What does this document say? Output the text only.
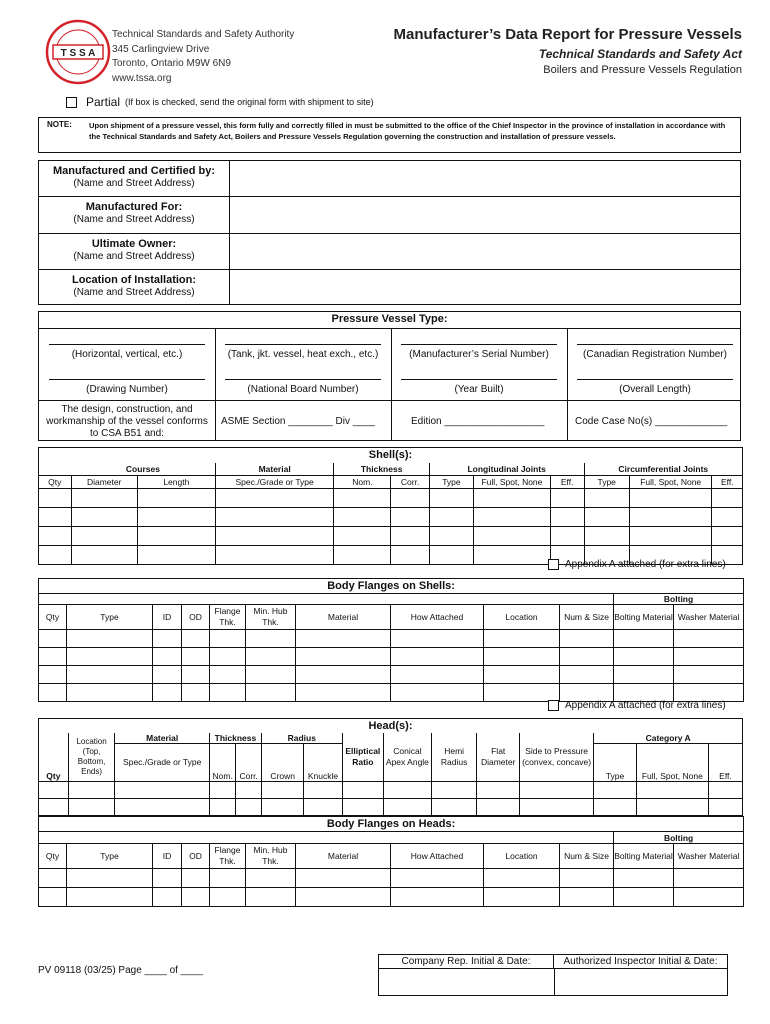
T S S A
Technical Standards and Safety Authority
345 Carlingview Drive
Toronto, Ontario M9W 6N9
www.tssa.org
Manufacturer’s Data Report for Pressure Vessels
Technical Standards and Safety Act
Boilers and Pressure Vessels Regulation
Partial (If box is checked, send the original form with shipment to site)
NOTE: Upon shipment of a pressure vessel, this form fully and correctly filled in must be submitted to the office of the Chief Inspector in the province of installation in accordance with the Technical Standards and Safety Act, Boilers and Pressure Vessels Regulation governing the construction and installation of pressure vessels.
Manufactured and Certified by:
(Name and Street Address)
Manufactured For:
(Name and Street Address)
Ultimate Owner:
(Name and Street Address)
Location of Installation:
(Name and Street Address)
Pressure Vessel Type:
(Horizontal, vertical, etc.)	(Tank, jkt. vessel, heat exch., etc.)	(Manufacturer’s Serial Number)	(Canadian Registration Number)
(Drawing Number)	(National Board Number)	(Year Built)	(Overall Length)
The design, construction, and workmanship of the vessel conforms to CSA B51 and:
ASME Section ________ Div ____	Edition __________________	Code Case No(s) _____________
Shell(s):											
	Courses		Material	Thickness		Longitudinal Joints			Circumferential Joints		
Qty	Diameter	Length	Spec./Grade or Type	Nom.	Corr.	Type	Full, Spot, None	Eff.	Type	Full, Spot, None	Eff.

Appendix A attached (for extra lines)
Body Flanges on Shells:											
										Bolting	
Qty	Type	ID	OD	Flange Thk.	Min. Hub Thk.	Material	How Attached	Location	Num & Size	Bolting Material	Washer Material

Appendix A attached (for extra lines)
Head(s):														
Qty	Location (Top, Bottom, Ends)	Material	Thickness		Radius		Elliptical Ratio	Conical Apex Angle	Hemi Radius	Flat Diameter	Side to Pressure (convex, concave)	Category A		
		Spec./Grade or Type	Nom.	Corr.	Crown	Knuckle						Type	Full, Spot, None	Eff.

Body Flanges on Heads:											
										Bolting	
Qty	Type	ID	OD	Flange Thk.	Min. Hub Thk.	Material	How Attached	Location	Num & Size	Bolting Material	Washer Material

PV 09118 (03/25) Page ____ of ____
Company Rep. Initial & Date:	Authorized Inspector Initial & Date:
